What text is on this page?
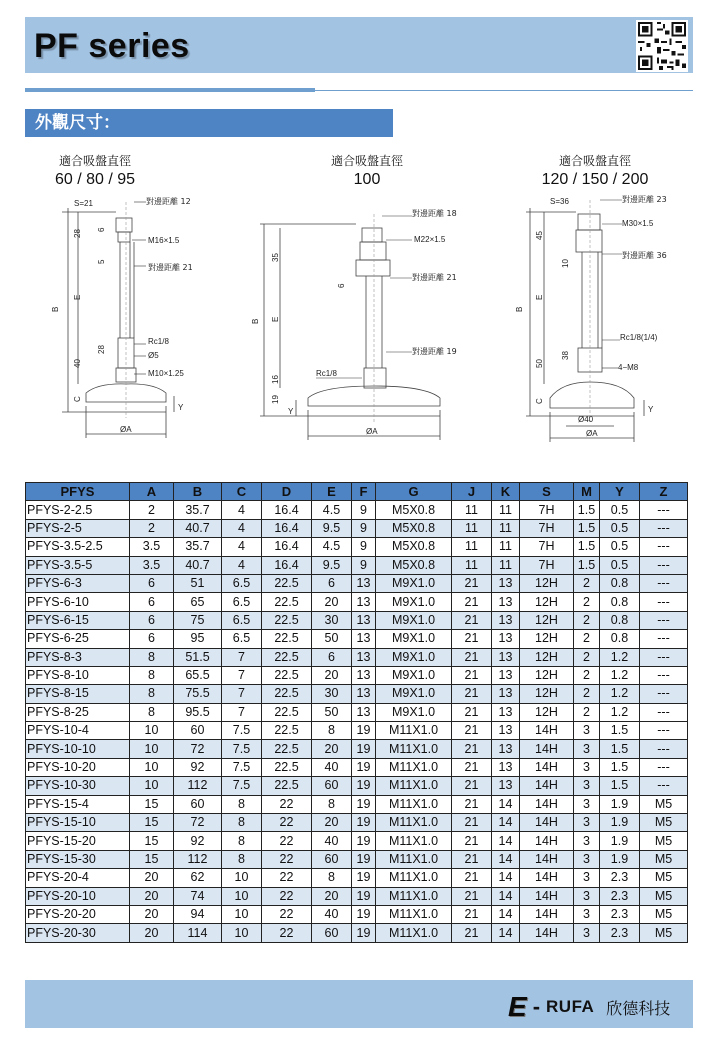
PF series
外觀尺寸：
適合吸盤直徑
60 / 80 / 95
適合吸盤直徑
100
適合吸盤直徑
120 / 150 / 200
S=21	對邊距離 12
M16×1.5
對邊距離 21
Rc1/8
Ø5
M10×1.25
28 6
5
40
28
B
E
C
Y
ØA
對邊距離 18
M22×1.5
對邊距離 21
對邊距離 19
Rc1/8
35
6
19
16
B E
Y
ØA
S=36	對邊距離 23
M30×1.5
對邊距離 36
Rc1/8(1/4)
4−M8
45
10
50
38
Ø40
B
E
C
Y
ØA
PFYS	A	B	C	D	E	F	G	J	K	S	M	Y	Z
PFYS-2-2.5	2	35.7	4	16.4	4.5	9	M5X0.8	11	11	7H	1.5	0.5	---
PFYS-2-5	2	40.7	4	16.4	9.5	9	M5X0.8	11	11	7H	1.5	0.5	---
PFYS-3.5-2.5	3.5	35.7	4	16.4	4.5	9	M5X0.8	11	11	7H	1.5	0.5	---
PFYS-3.5-5	3.5	40.7	4	16.4	9.5	9	M5X0.8	11	11	7H	1.5	0.5	---
PFYS-6-3	6	51	6.5	22.5	6	13	M9X1.0	21	13	12H	2	0.8	---
PFYS-6-10	6	65	6.5	22.5	20	13	M9X1.0	21	13	12H	2	0.8	---
PFYS-6-15	6	75	6.5	22.5	30	13	M9X1.0	21	13	12H	2	0.8	---
PFYS-6-25	6	95	6.5	22.5	50	13	M9X1.0	21	13	12H	2	0.8	---
PFYS-8-3	8	51.5	7	22.5	6	13	M9X1.0	21	13	12H	2	1.2	---
PFYS-8-10	8	65.5	7	22.5	20	13	M9X1.0	21	13	12H	2	1.2	---
PFYS-8-15	8	75.5	7	22.5	30	13	M9X1.0	21	13	12H	2	1.2	---
PFYS-8-25	8	95.5	7	22.5	50	13	M9X1.0	21	13	12H	2	1.2	---
PFYS-10-4	10	60	7.5	22.5	8	19	M11X1.0	21	13	14H	3	1.5	---
PFYS-10-10	10	72	7.5	22.5	20	19	M11X1.0	21	13	14H	3	1.5	---
PFYS-10-20	10	92	7.5	22.5	40	19	M11X1.0	21	13	14H	3	1.5	---
PFYS-10-30	10	112	7.5	22.5	60	19	M11X1.0	21	13	14H	3	1.5	---
PFYS-15-4	15	60	8	22	8	19	M11X1.0	21	14	14H	3	1.9	M5
PFYS-15-10	15	72	8	22	20	19	M11X1.0	21	14	14H	3	1.9	M5
PFYS-15-20	15	92	8	22	40	19	M11X1.0	21	14	14H	3	1.9	M5
PFYS-15-30	15	112	8	22	60	19	M11X1.0	21	14	14H	3	1.9	M5
PFYS-20-4	20	62	10	22	8	19	M11X1.0	21	14	14H	3	2.3	M5
PFYS-20-10	20	74	10	22	20	19	M11X1.0	21	14	14H	3	2.3	M5
PFYS-20-20	20	94	10	22	40	19	M11X1.0	21	14	14H	3	2.3	M5
PFYS-20-30	20	114	10	22	60	19	M11X1.0	21	14	14H	3	2.3	M5
E - RUFA 欣德科技
